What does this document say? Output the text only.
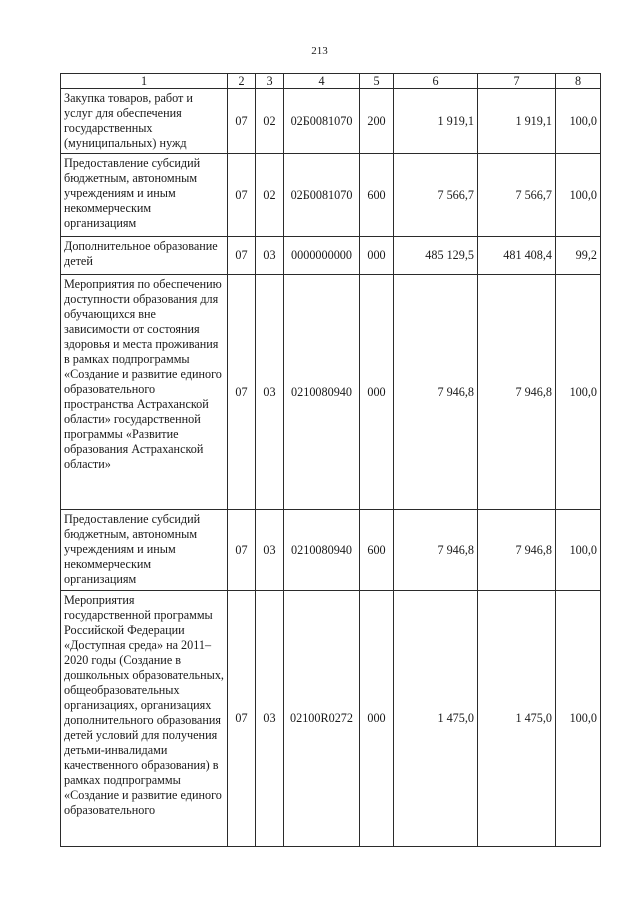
213
1	2	3	4	5	6	7	8
Закупка товаров, работ и услуг для обеспечения государственных (муниципальных) нужд	07	02	02Б0081070	200	1 919,1	1 919,1	100,0
Предоставление субсидий бюджетным, автономным учреждениям и иным некоммерческим организациям	07	02	02Б0081070	600	7 566,7	7 566,7	100,0
Дополнительное образование детей	07	03	0000000000	000	485 129,5	481 408,4	99,2
Мероприятия по обеспечению доступности образования для обучающихся вне зависимости от состояния здоровья и места проживания в рамках подпрограммы «Создание и развитие единого образовательного пространства Астраханской области» государственной программы «Развитие образования Астраханской области»	07	03	0210080940	000	7 946,8	7 946,8	100,0
Предоставление субсидий бюджетным, автономным учреждениям и иным некоммерческим организациям	07	03	0210080940	600	7 946,8	7 946,8	100,0
Мероприятия государственной программы Российской Федерации «Доступная среда» на 2011–2020 годы (Создание в дошкольных образовательных, общеобразовательных организациях, организациях дополнительного образования детей условий для получения детьми-инвалидами качественного образования) в рамках подпрограммы «Создание и развитие единого образовательного	07	03	02100R0272	000	1 475,0	1 475,0	100,0
